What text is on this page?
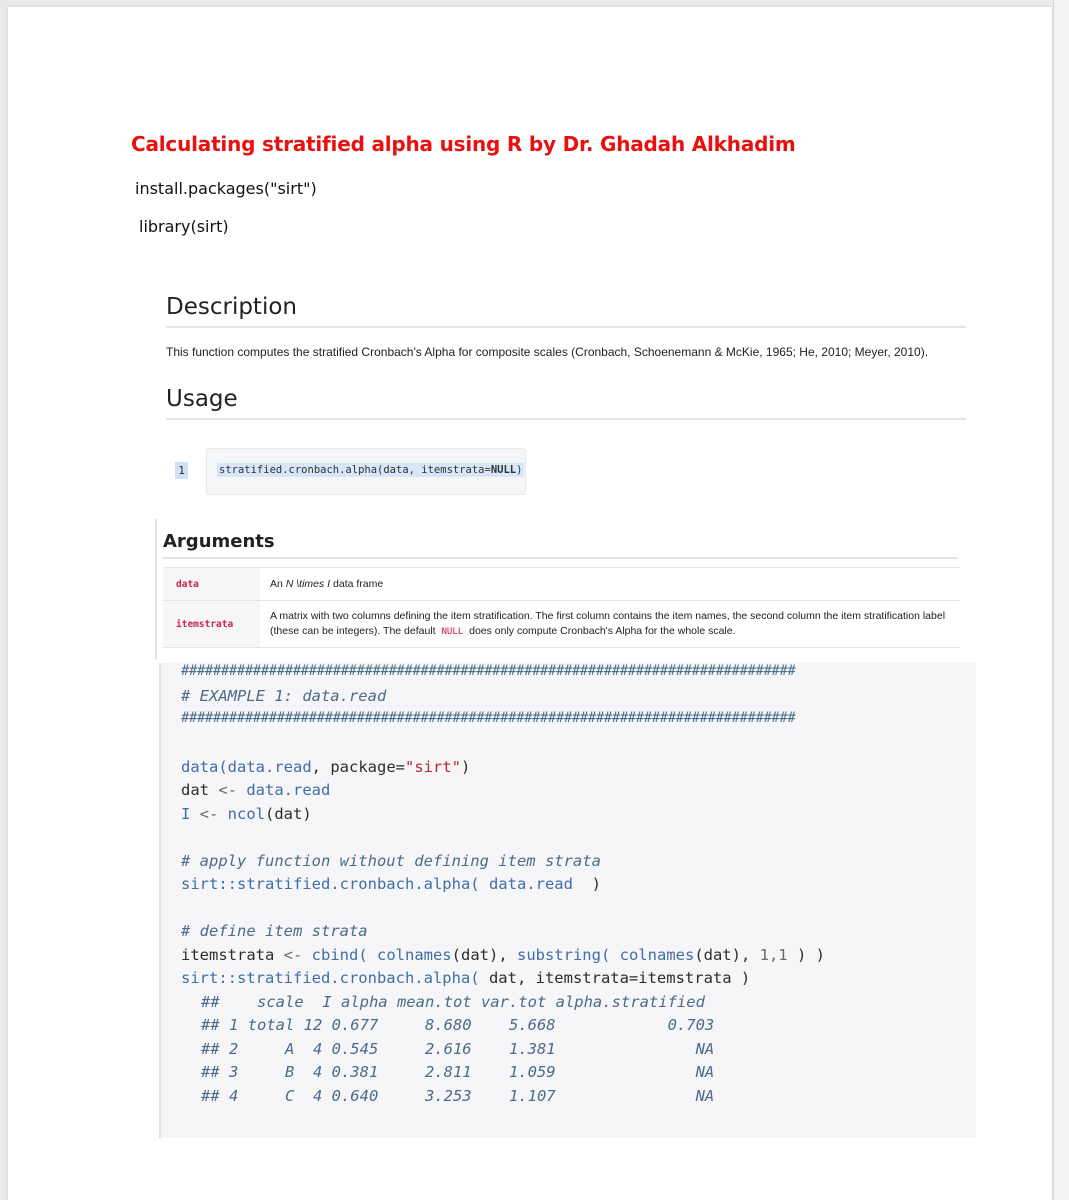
Calculating stratified alpha using R by Dr. Ghadah Alkhadim
install.packages("sirt")
library(sirt)
Description
This function computes the stratified Cronbach's Alpha for composite scales (Cronbach, Schoenemann & McKie, 1965; He, 2010; Meyer, 2010).
Usage
1	stratified.cronbach.alpha(data, itemstrata=NULL)
Arguments
data	An N \times I data frame
itemstrata	A matrix with two columns defining the item stratification. The first column contains the item names, the second column the item stratification label (these can be integers). The default NULL does only compute Cronbach's Alpha for the whole scale.
#############################################################################
# EXAMPLE 1: data.read
#############################################################################
data(data.read, package="sirt")
dat <- data.read
I <- ncol(dat)
# apply function without defining item strata
sirt::stratified.cronbach.alpha( data.read  )
# define item strata
itemstrata <- cbind( colnames(dat), substring( colnames(dat), 1,1 ) )
sirt::stratified.cronbach.alpha( dat, itemstrata=itemstrata )
##    scale  I alpha mean.tot var.tot alpha.stratified
## 1 total 12 0.677     8.680    5.668            0.703
## 2     A  4 0.545     2.616    1.381               NA
## 3     B  4 0.381     2.811    1.059               NA
## 4     C  4 0.640     3.253    1.107               NA
